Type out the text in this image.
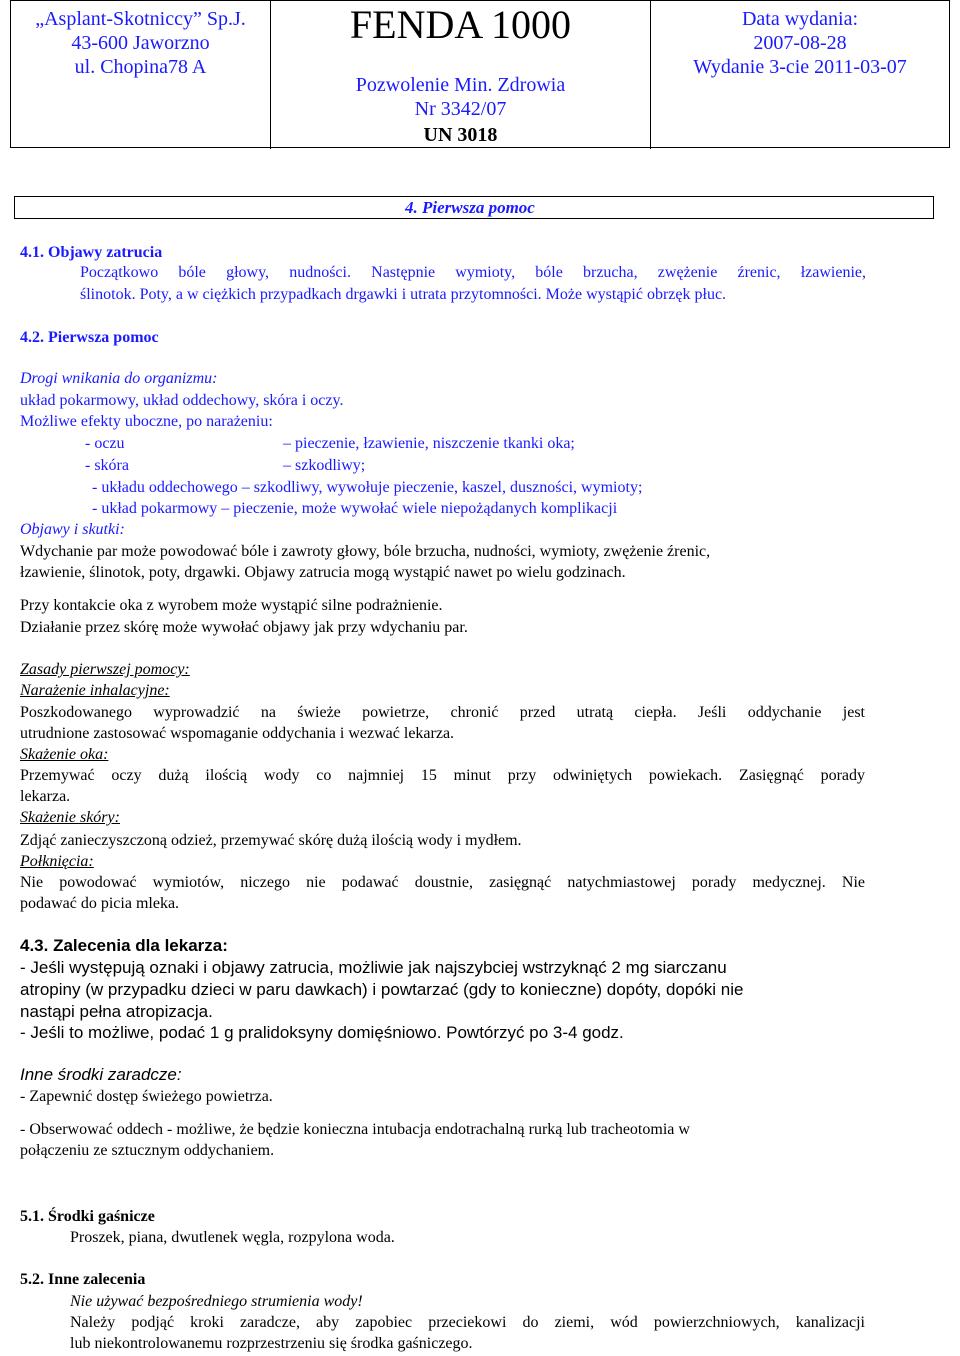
„Asplant-Skotniccy” Sp.J.
43-600 Jaworzno
ul. Chopina78 A
FENDA 1000
Pozwolenie Min. Zdrowia
Nr 3342/07
UN 3018
Data wydania:
2007-08-28
Wydanie 3-cie 2011-03-07
4. Pierwsza pomoc
4.1. Objawy zatrucia
Początkowo bóle głowy, nudności. Następnie wymioty, bóle brzucha, zwężenie źrenic, łzawienie,
ślinotok. Poty, a w ciężkich przypadkach drgawki i utrata przytomności. Może wystąpić obrzęk płuc.
4.2. Pierwsza pomoc
Drogi wnikania do organizmu:
układ pokarmowy, układ oddechowy, skóra i oczy.
Możliwe efekty uboczne, po narażeniu:
- oczu	– pieczenie, łzawienie, niszczenie tkanki oka;
- skóra	– szkodliwy;
- układu oddechowego – szkodliwy, wywołuje pieczenie, kaszel, duszności, wymioty;
- układ pokarmowy – pieczenie, może wywołać wiele niepożądanych komplikacji
Objawy i skutki:
Wdychanie par może powodować bóle i zawroty głowy, bóle brzucha, nudności, wymioty, zwężenie źrenic,
łzawienie, ślinotok, poty, drgawki. Objawy zatrucia mogą wystąpić nawet po wielu godzinach.
Przy kontakcie oka z wyrobem może wystąpić silne podrażnienie.
Działanie przez skórę może wywołać objawy jak przy wdychaniu par.
Zasady pierwszej pomocy:
Narażenie inhalacyjne:
Poszkodowanego wyprowadzić na świeże powietrze, chronić przed utratą ciepła. Jeśli oddychanie jest
utrudnione zastosować wspomaganie oddychania i wezwać lekarza.
Skażenie oka:
Przemywać oczy dużą ilością wody co najmniej 15 minut przy odwiniętych powiekach. Zasięgnąć porady
lekarza.
Skażenie skóry:
Zdjąć zanieczyszczoną odzież, przemywać skórę dużą ilością wody i mydłem.
Połknięcia:
Nie powodować wymiotów, niczego nie podawać doustnie, zasięgnąć natychmiastowej porady medycznej. Nie
podawać do picia mleka.
4.3. Zalecenia dla lekarza:
- Jeśli występują oznaki i objawy zatrucia, możliwie jak najszybciej wstrzyknąć 2 mg siarczanu
atropiny (w przypadku dzieci w paru dawkach) i powtarzać (gdy to konieczne) dopóty, dopóki nie
nastąpi pełna atropizacja.
- Jeśli to możliwe, podać 1 g pralidoksyny domięśniowo. Powtórzyć po 3-4 godz.
Inne środki zaradcze:
- Zapewnić dostęp świeżego powietrza.
- Obserwować oddech - możliwe, że będzie konieczna intubacja endotrachalną rurką lub tracheotomia w
połączeniu ze sztucznym oddychaniem.
5.1. Środki gaśnicze
Proszek, piana, dwutlenek węgla, rozpylona woda.
5.2. Inne zalecenia
Nie używać bezpośredniego strumienia wody!
Należy podjąć kroki zaradcze, aby zapobiec przeciekowi do ziemi, wód powierzchniowych, kanalizacji
lub niekontrolowanemu rozprzestrzeniu się środka gaśniczego.
